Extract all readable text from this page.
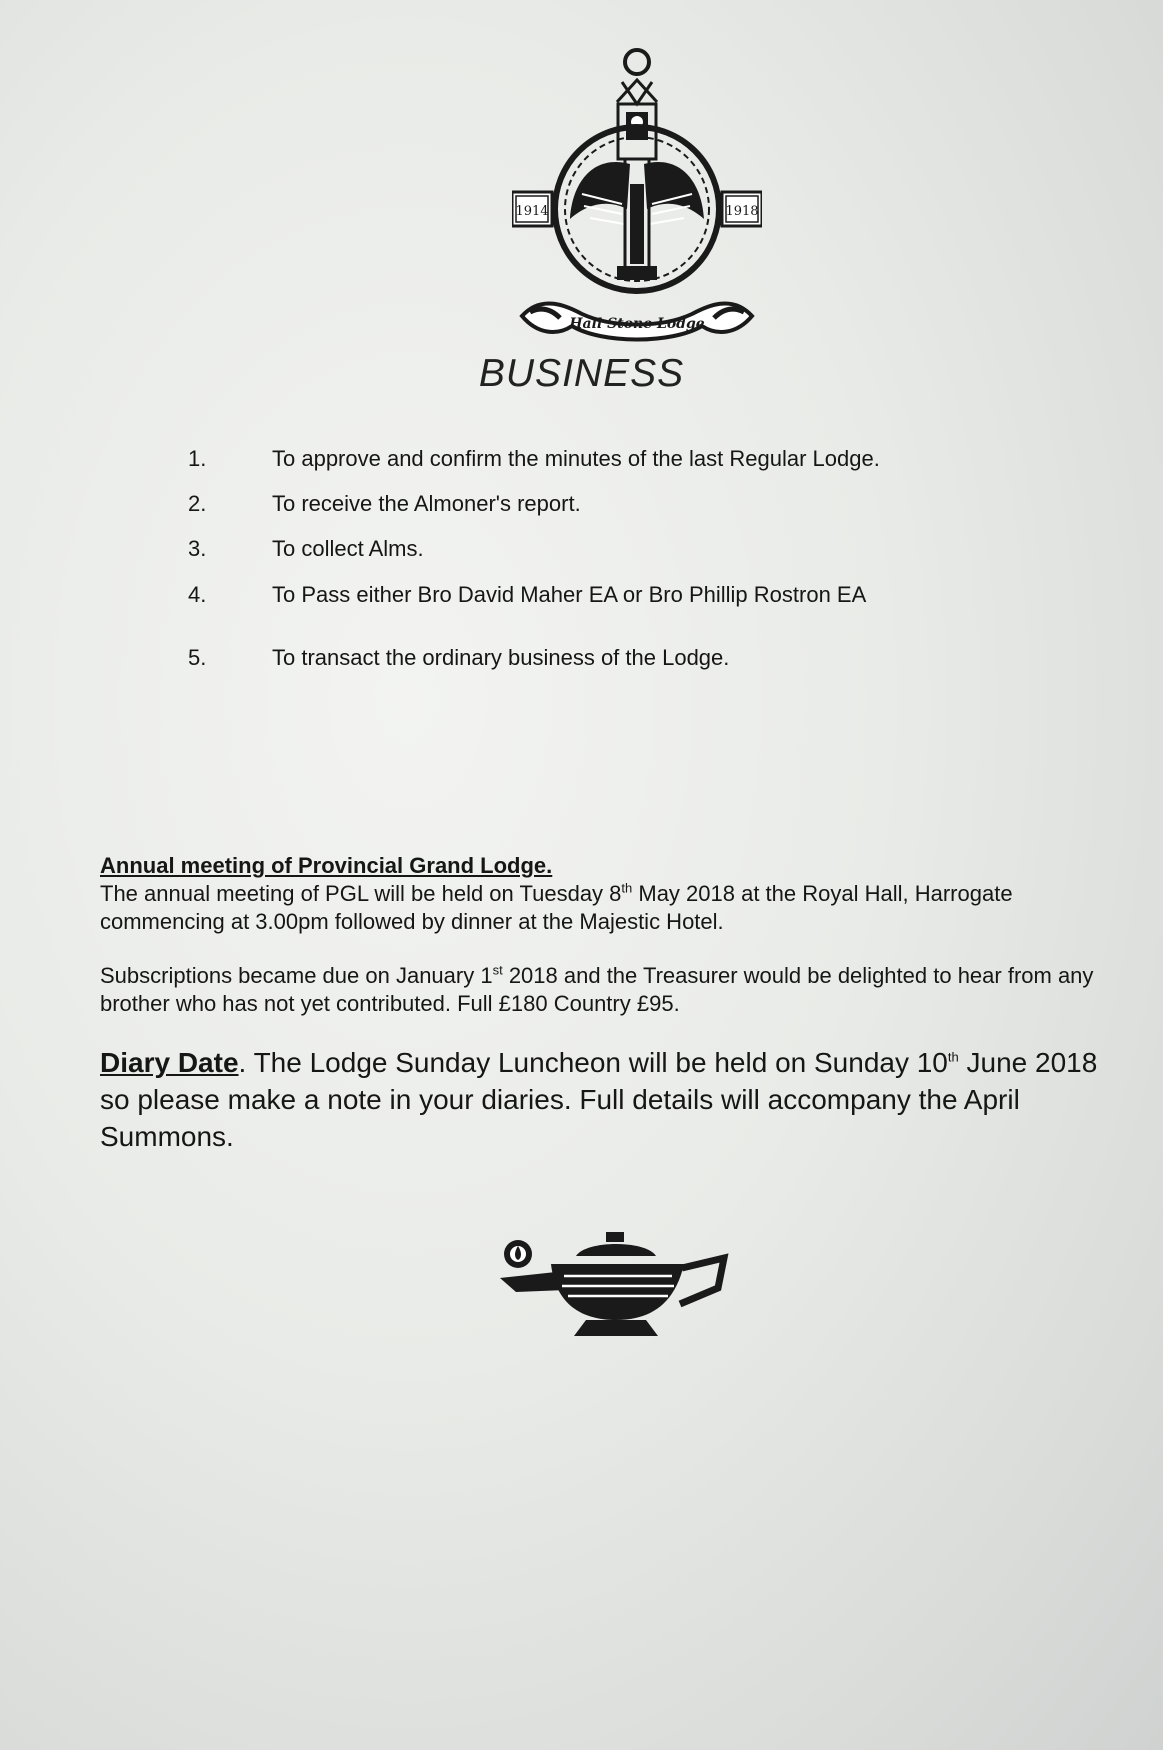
1914	1918
Hall Stone Lodge
BUSINESS
1.	To approve and confirm the minutes of the last Regular Lodge.
2.	To receive the Almoner's report.
3.	To collect Alms.
4.	To Pass either Bro David Maher EA or Bro Phillip Rostron EA
5.	To transact the ordinary business of the Lodge.
Annual meeting of Provincial Grand Lodge.
The annual meeting of PGL will be held on Tuesday 8th May 2018 at the Royal Hall, Harrogate
commencing at 3.00pm followed by dinner at the Majestic Hotel.
Subscriptions became due on January 1st 2018 and the Treasurer would be delighted to hear from any brother who has not yet contributed. Full £180 Country £95.
Diary Date. The Lodge Sunday Luncheon will be held on Sunday 10th June 2018 so please make a note in your diaries. Full details will accompany the April Summons.
